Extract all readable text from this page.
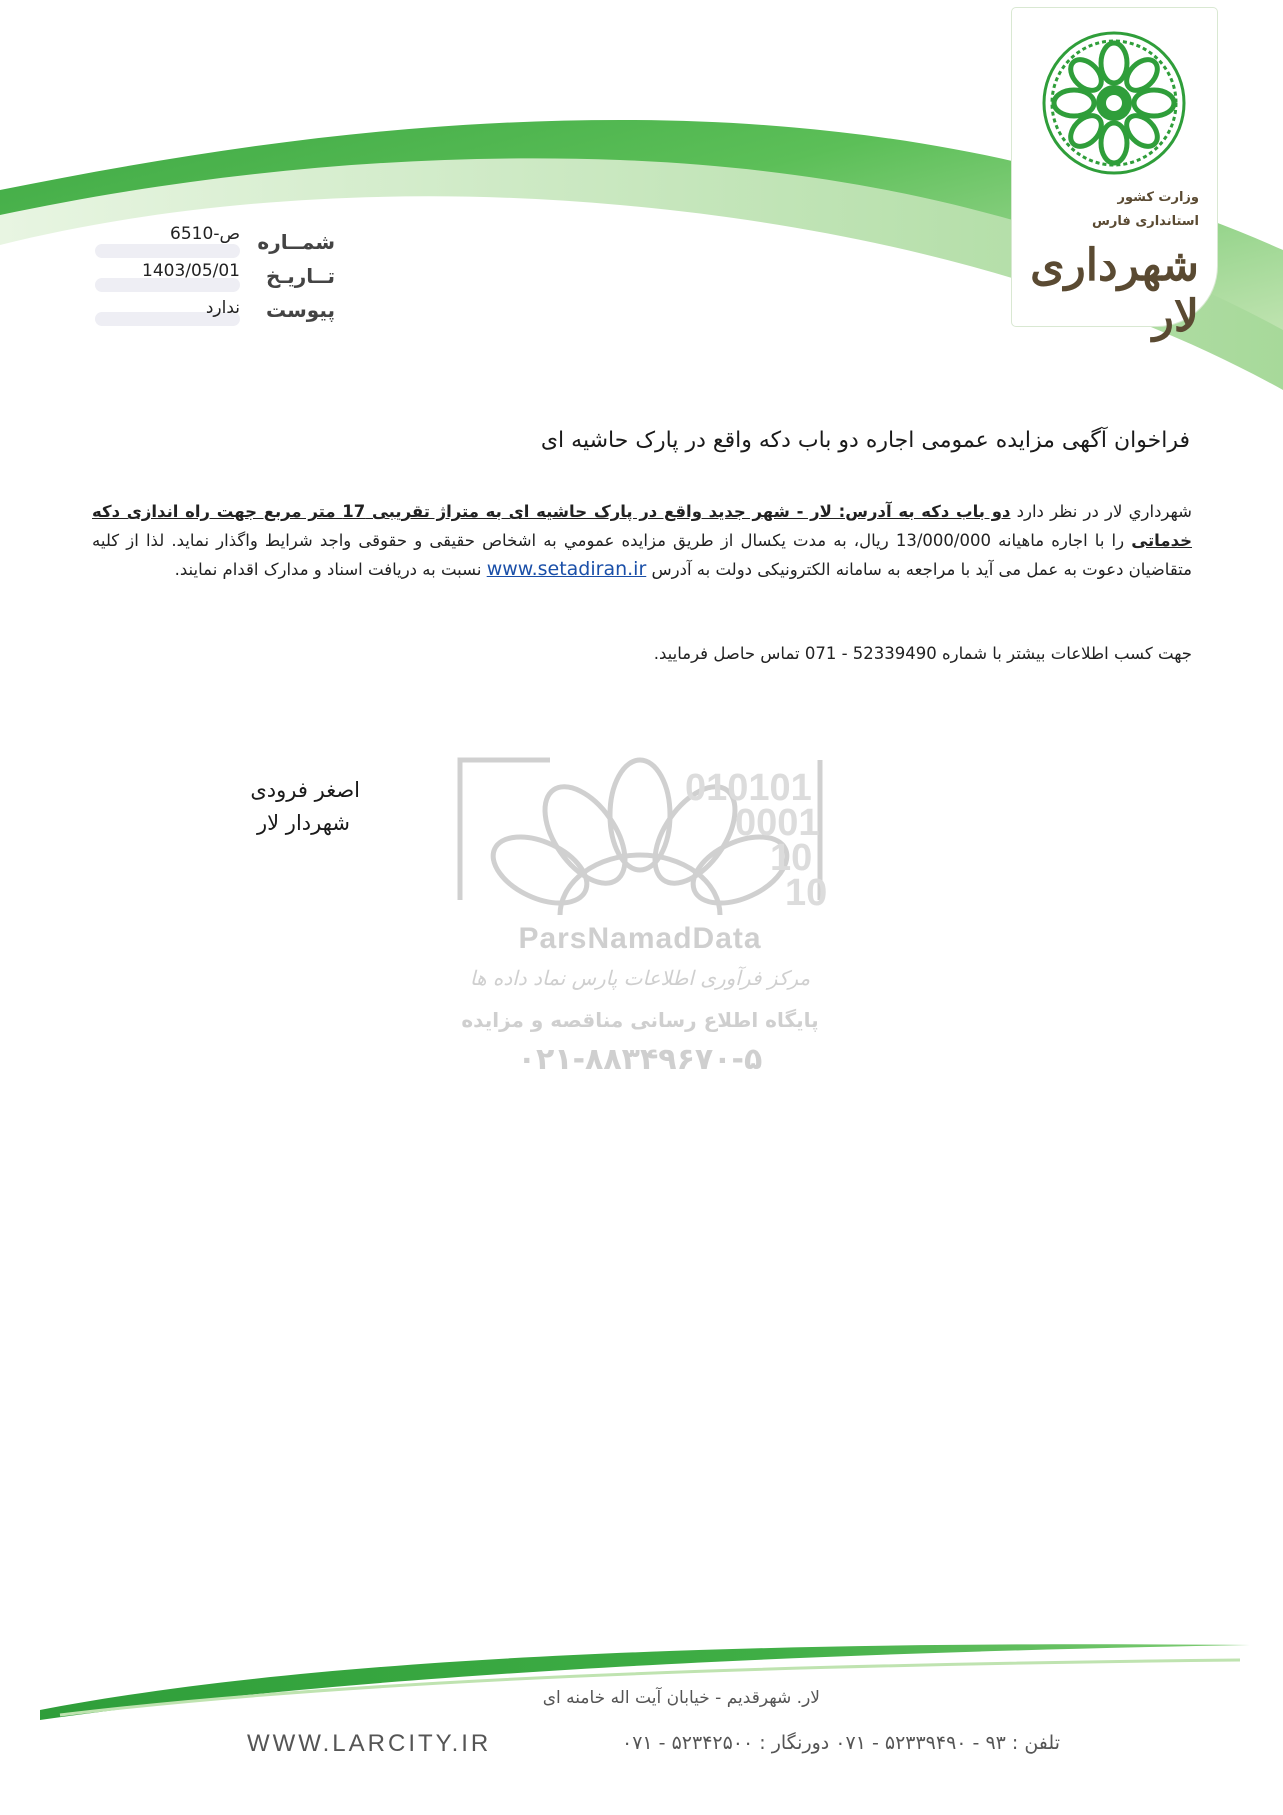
وزارت کشور
استانداری فارس
شهرداری لار
شمــاره
ص-6510
تــاریـخ
1403/05/01
پیوست
ندارد
فراخوان آگهی مزایده عمومی اجاره دو باب دکه واقع در پارک حاشیه ای
شهرداري لار در نظر دارد دو باب دکه به آدرس: لار - شهر جديد واقع در پارک حاشيه ای به متراژ تقريبی 17 متر مربع جهت راه اندازی دكه خدماتی را با اجاره ماهیانه 13/000/000 ریال، به مدت یکسال از طريق مزايده عمومي به اشخاص حقيقی و حقوقی واجد شرايط واگذار نمايد. لذا از کلیه متقاضیان دعوت به عمل می آید با مراجعه به سامانه الکترونیکی دولت به آدرس www.setadiran.ir نسبت به دريافت اسناد و مدارک اقدام نمایند.
جهت کسب اطلاعات بیشتر با شماره 52339490 - 071 تماس حاصل فرمایید.
اصغر فرودی
شهردار لار
010101
0001
10
10
ParsNamadData
مرکز فرآوری اطلاعات پارس نماد داده ها
پایگاه اطلاع رسانی مناقصه و مزایده
۰۲۱-۸۸۳۴۹۶۷۰-۵
لار. شهرقدیم - خیابان آیت اله خامنه ای
WWW.LARCITY.IR	تلفن : ۹۳ - ۵۲۳۳۹۴۹۰ - ۰۷۱ دورنگار : ۵۲۳۴۲۵۰۰ - ۰۷۱
